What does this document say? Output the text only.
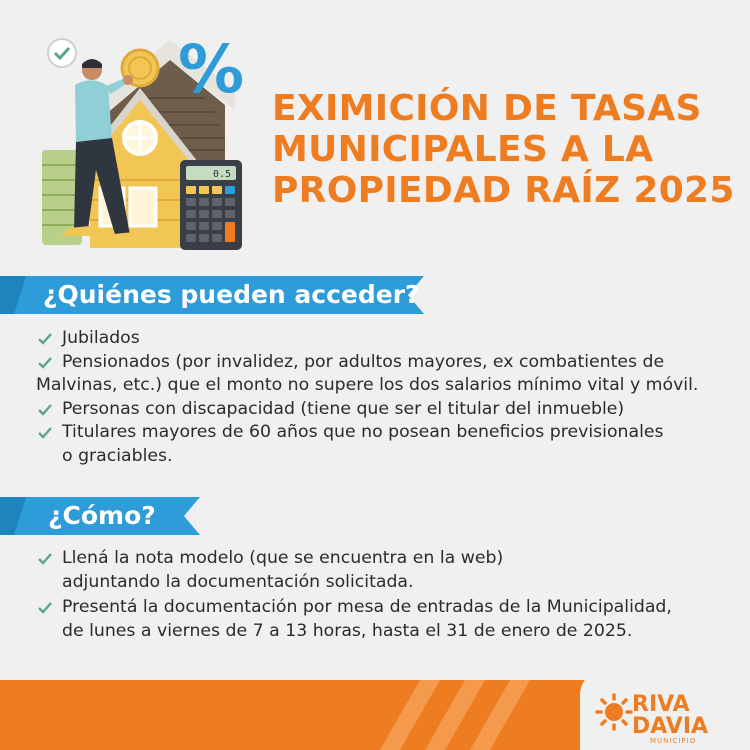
%
0.5
EXIMICIÓN DE TASAS
MUNICIPALES A LA
PROPIEDAD RAÍZ 2025
¿Quiénes pueden acceder?
Jubilados
Pensionados (por invalidez, por adultos mayores, ex combatientes de
Malvinas, etc.) que el monto no supere los dos salarios mínimo vital y móvil.
Personas con discapacidad (tiene que ser el titular del inmueble)
Titulares mayores de 60 años que no posean beneficios previsionales
o graciables.
¿Cómo?
Llená la nota modelo (que se encuentra en la web)
adjuntando la documentación solicitada.
Presentá la documentación por mesa de entradas de la Municipalidad,
de lunes a viernes de 7 a 13 horas, hasta el 31 de enero de 2025.
RIVA
DAVIA
MUNICIPIO
